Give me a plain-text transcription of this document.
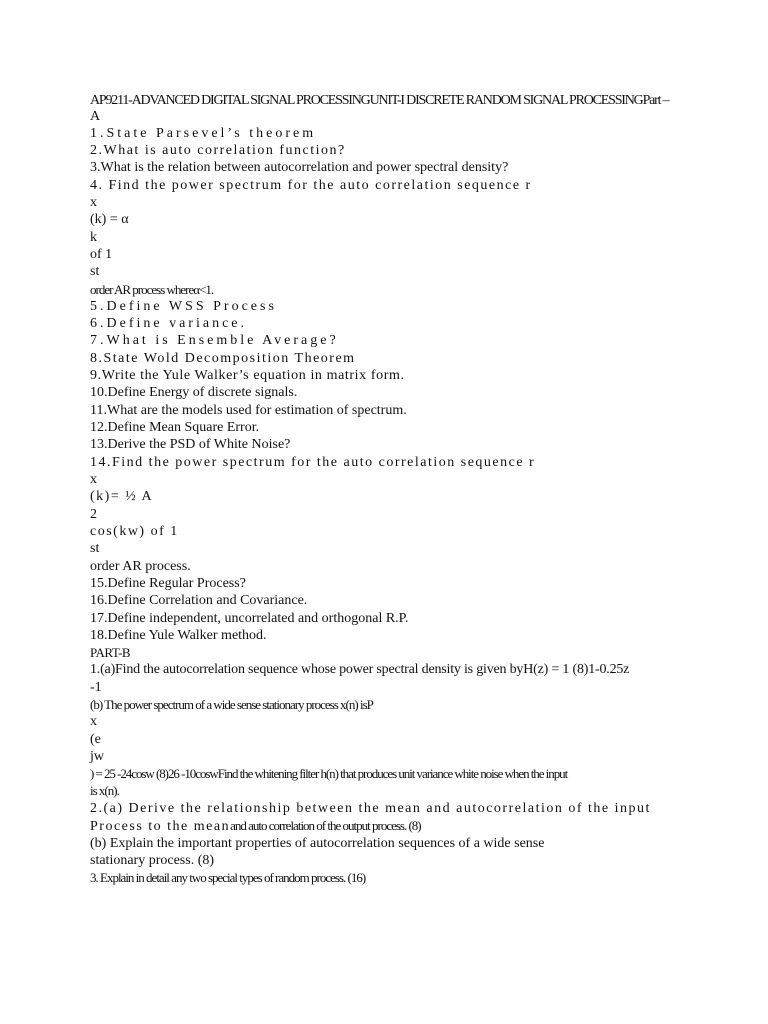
AP9211-ADVANCED DIGITAL SIGNAL PROCESSINGUNIT-I DISCRETE RANDOM SIGNAL PROCESSINGPart –
A
1.State Parsevel’s theorem
2.What is auto correlation function?
3.What is the relation between autocorrelation and power spectral density?
4. Find the power spectrum for the auto correlation sequence r
x
(k) = α
k
of 1
st
order AR process whereα<1.
5.Define WSS Process
6.Define variance.
7.What is Ensemble Average?
8.State Wold Decomposition Theorem
9.Write the Yule Walker’s equation in matrix form.
10.Define Energy of discrete signals.
11.What are the models used for estimation of spectrum.
12.Define Mean Square Error.
13.Derive the PSD of White Noise?
14.Find the power spectrum for the auto correlation sequence r
x
(k)= ½ A
2
cos(kw) of 1
st
order AR process.
15.Define Regular Process?
16.Define Correlation and Covariance.
17.Define independent, uncorrelated and orthogonal R.P.
18.Define Yule Walker method.
PART-B
1.(a)Find the autocorrelation sequence whose power spectral density is given byH(z) = 1 (8)1-0.25z
-1
(b) The power spectrum of a wide sense stationary process x(n) isP
x
(e
jw
) = 25 -24cosw (8)26 -10coswFind the whitening filter h(n) that produces unit variance white noise when the input
is x(n).
2.(a) Derive the relationship between the mean and autocorrelation of the input
Process to the meanand auto correlation of the output process. (8)
(b) Explain the important properties of autocorrelation sequences of a wide sense
stationary process. (8)
3. Explain in detail any two special types of random process. (16)
